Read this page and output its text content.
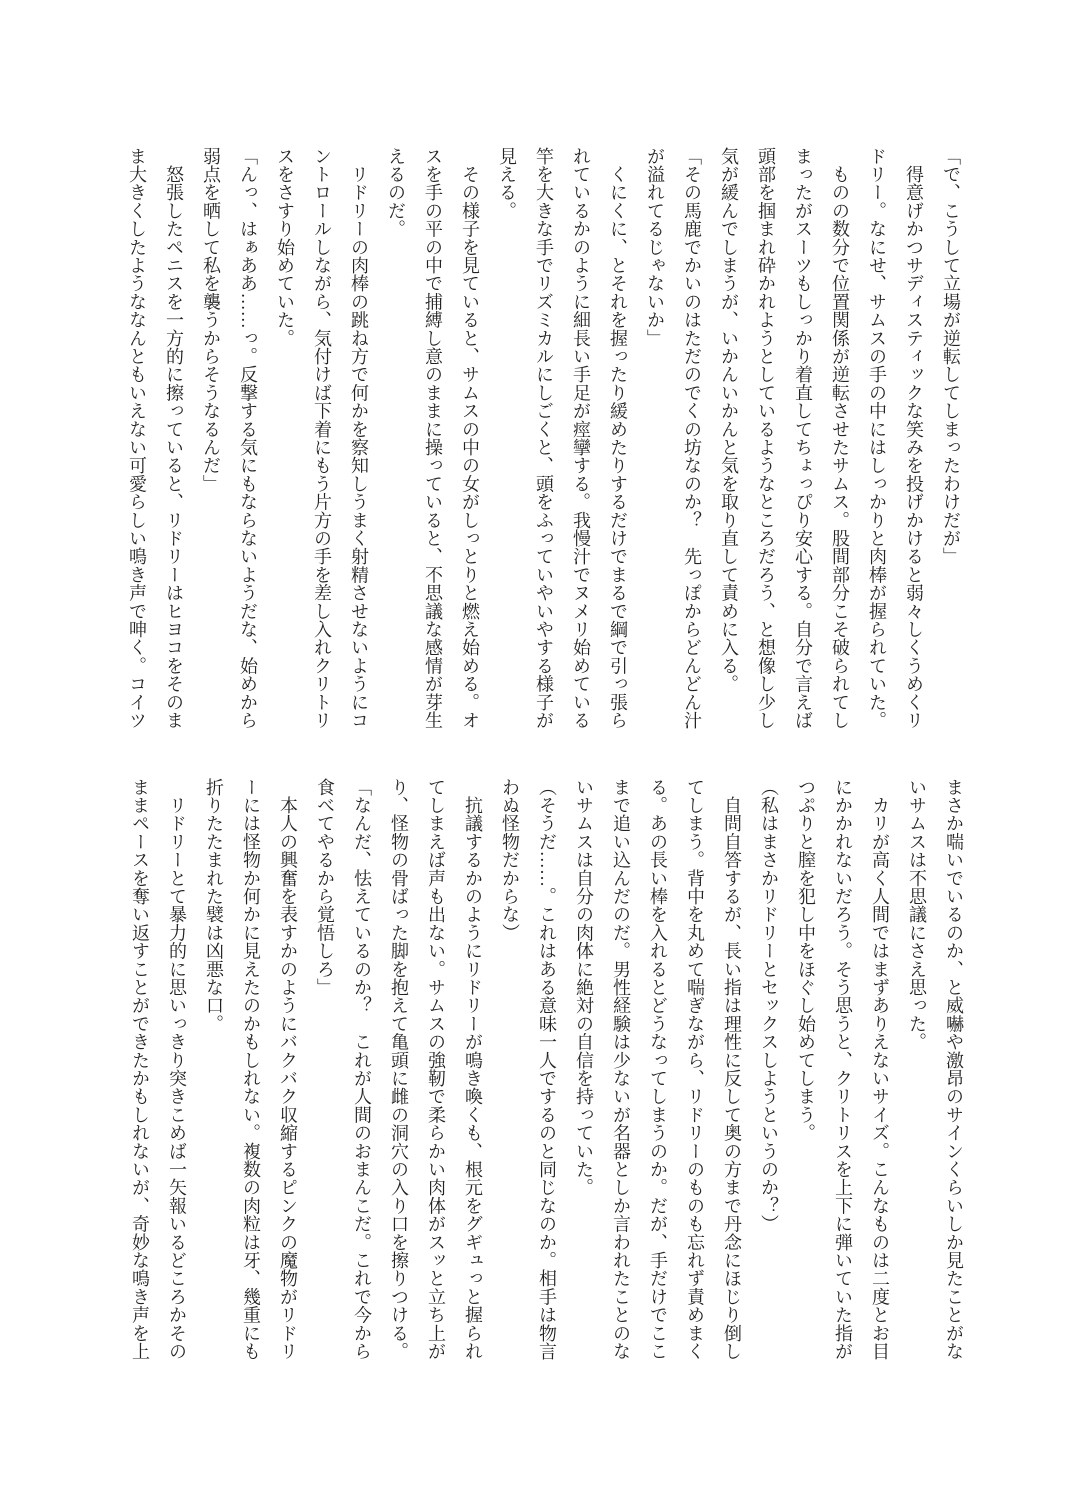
「で、こうして立場が逆転してしまったわけだが」

　得意げかつサディスティックな笑みを投げかけると弱々しくうめくリ

ドリー。なにせ、サムスの手の中にはしっかりと肉棒が握られていた。

　ものの数分で位置関係が逆転させたサムス。股間部分こそ破られてし

まったがスーツもしっかり着直してちょっぴり安心する。自分で言えば

頭部を掴まれ砕かれようとしているようなところだろう、と想像し少し

気が緩んでしまうが、いかんいかんと気を取り直して責めに入る。

「その馬鹿でかいのはただのでくの坊なのか？　先っぽからどんどん汁

が溢れてるじゃないか」

　くにくに、とそれを握ったり緩めたりするだけでまるで綱で引っ張ら

れているかのように細長い手足が痙攣する。我慢汁でヌメリ始めている

竿を大きな手でリズミカルにしごくと、頭をふっていやいやする様子が

見える。

　その様子を見ていると、サムスの中の女がしっとりと燃え始める。オ

スを手の平の中で捕縛し意のままに操っていると、不思議な感情が芽生

えるのだ。

　リドリーの肉棒の跳ね方で何かを察知しうまく射精させないようにコ

ントロールしながら、気付けば下着にもう片方の手を差し入れクリトリ

スをさすり始めていた。

「んっ、はぁああ……っ。反撃する気にもならないようだな、始めから

弱点を晒して私を襲うからそうなるんだ」

　怒張したペニスを一方的に擦っていると、リドリーはヒヨコをそのま

ま大きくしたようななんともいえない可愛らしい鳴き声で呻く。コイツ

まさか喘いでいるのか、と威嚇や激昂のサインくらいしか見たことがな

いサムスは不思議にさえ思った。

　カリが高く人間ではまずありえないサイズ。こんなものは二度とお目

にかかれないだろう。そう思うと、クリトリスを上下に弾いていた指が

つぷりと膣を犯し中をほぐし始めてしまう。

（私はまさかリドリーとセックスしようというのか？）

　自問自答するが、長い指は理性に反して奥の方まで丹念にほじり倒し

てしまう。背中を丸めて喘ぎながら、リドリーのものも忘れず責めまく

る。あの長い棒を入れるとどうなってしまうのか。だが、手だけでここ

まで追い込んだのだ。男性経験は少ないが名器としか言われたことのな

いサムスは自分の肉体に絶対の自信を持っていた。

（そうだ……。これはある意味一人でするのと同じなのか。相手は物言

わぬ怪物だからな）

　抗議するかのようにリドリーが鳴き喚くも、根元をグギュっと握られ

てしまえば声も出ない。サムスの強靭で柔らかい肉体がスッと立ち上が

り、怪物の骨ばった脚を抱えて亀頭に雌の洞穴の入り口を擦りつける。

「なんだ、怯えているのか？　これが人間のおまんこだ。これで今から

食べてやるから覚悟しろ」

　本人の興奮を表すかのようにバクバク収縮するピンクの魔物がリドリ

ーには怪物か何かに見えたのかもしれない。複数の肉粒は牙、幾重にも

折りたたまれた襞は凶悪な口。

　リドリーとて暴力的に思いっきり突きこめば一矢報いるどころかその

ままペースを奪い返すことができたかもしれないが、奇妙な鳴き声を上
